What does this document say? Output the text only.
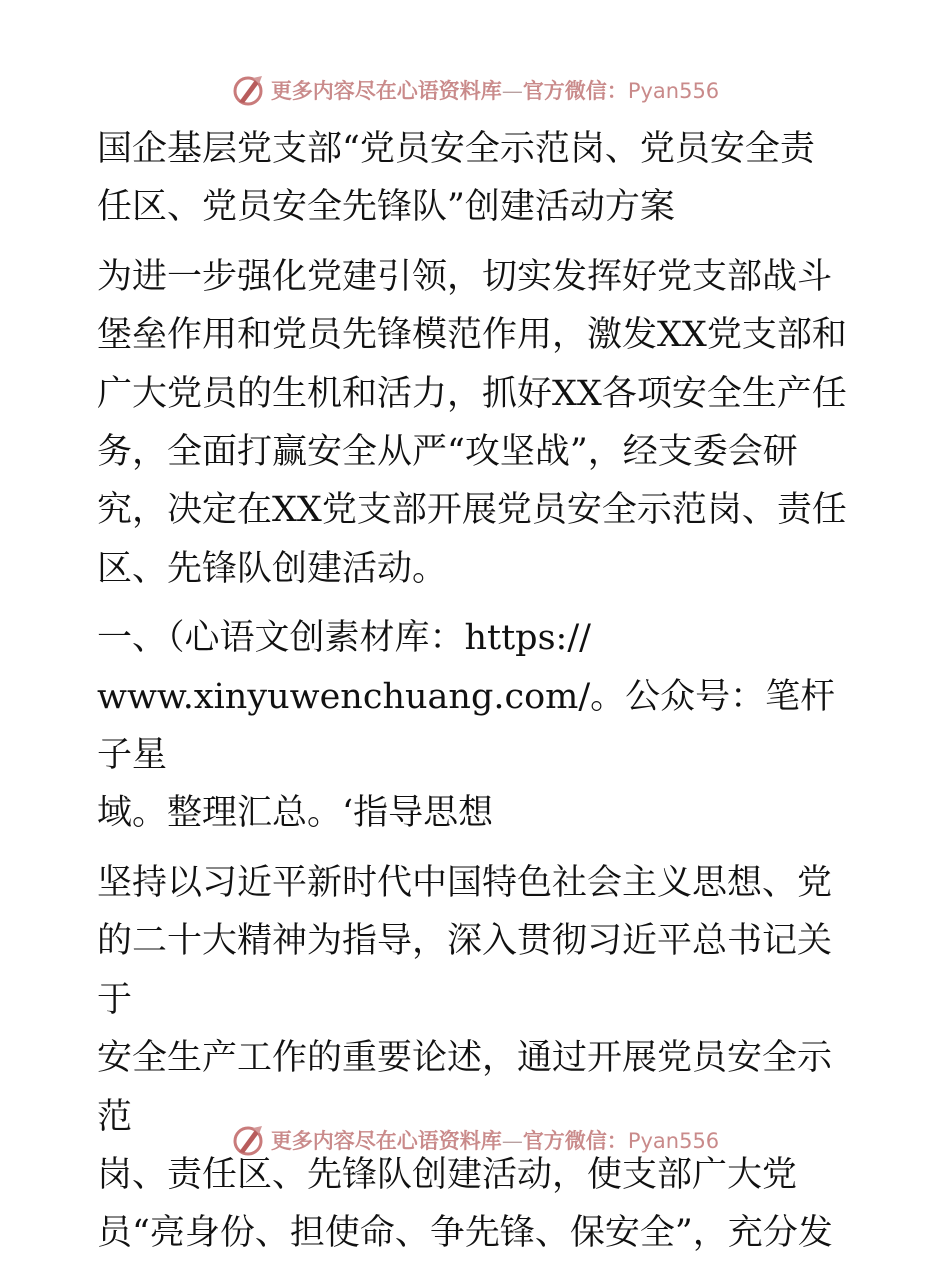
更多内容尽在心语资料库—官方微信：Pyan556

国企基层党支部“党员安全示范岗、党员安全责
任区、党员安全先锋队”创建活动方案

为进一步强化党建引领，切实发挥好党支部战斗
堡垒作用和党员先锋模范作用，激发XX党支部和
广大党员的生机和活力，抓好XX各项安全生产任
务，全面打赢安全从严“攻坚战”，经支委会研
究，决定在XX党支部开展党员安全示范岗、责任
区、先锋队创建活动。

一、（心语文创素材库：https://
www.xinyuwenchuang.com/。公众号：笔杆子星
域。整理汇总。‘指导思想

坚持以习近平新时代中国特色社会主义思想、党
的二十大精神为指导，深入贯彻习近平总书记关于
安全生产工作的重要论述，通过开展党员安全示范
岗、责任区、先锋队创建活动，使支部广大党
员“亮身份、担使命、争先锋、保安全”，充分发

更多内容尽在心语资料库—官方微信：Pyan556
